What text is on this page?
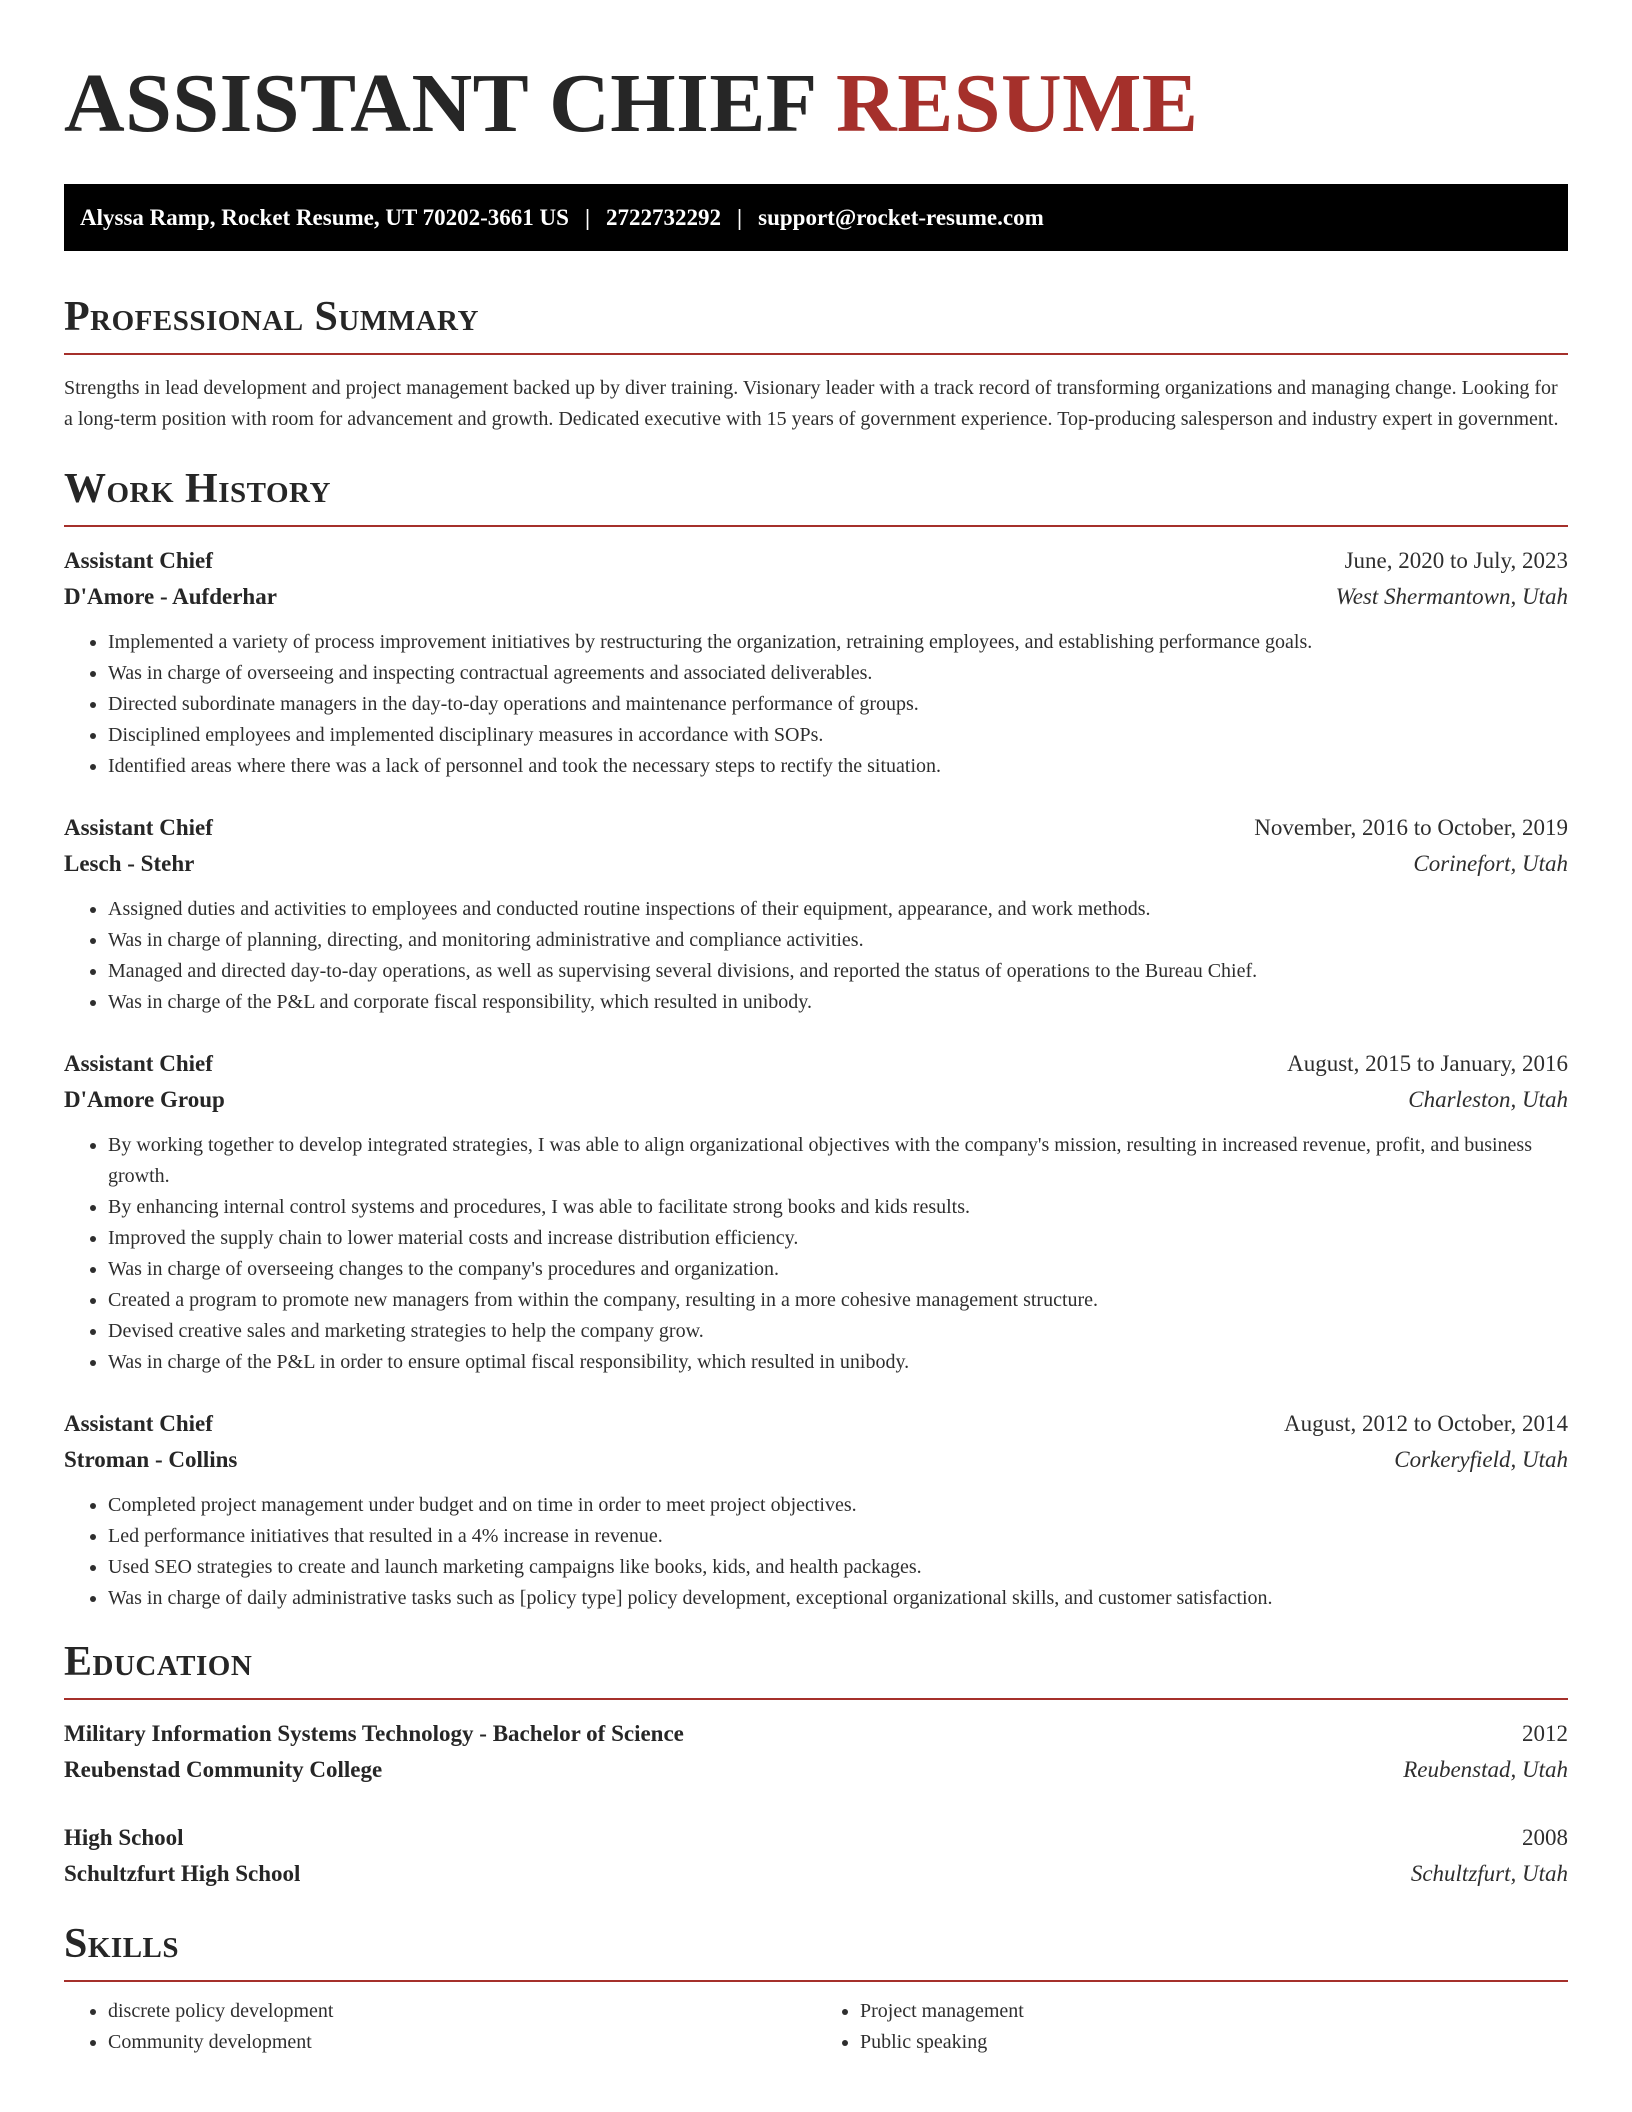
ASSISTANT CHIEF RESUME
Alyssa Ramp, Rocket Resume, UT 70202-3661 US | 2722732292 | support@rocket-resume.com
Professional Summary

Strengths in lead development and project management backed up by diver training. Visionary leader with a track record of transforming organizations and managing change. Looking for a long-term position with room for advancement and growth. Dedicated executive with 15 years of government experience. Top-producing salesperson and industry expert in government.

Work History
Assistant Chief	June, 2020 to July, 2023
D'Amore - Aufderhar	West Shermantown, Utah
• Implemented a variety of process improvement initiatives by restructuring the organization, retraining employees, and establishing performance goals.
• Was in charge of overseeing and inspecting contractual agreements and associated deliverables.
• Directed subordinate managers in the day-to-day operations and maintenance performance of groups.
• Disciplined employees and implemented disciplinary measures in accordance with SOPs.
• Identified areas where there was a lack of personnel and took the necessary steps to rectify the situation.
Assistant Chief	November, 2016 to October, 2019
Lesch - Stehr	Corinefort, Utah
• Assigned duties and activities to employees and conducted routine inspections of their equipment, appearance, and work methods.
• Was in charge of planning, directing, and monitoring administrative and compliance activities.
• Managed and directed day-to-day operations, as well as supervising several divisions, and reported the status of operations to the Bureau Chief.
• Was in charge of the P&L and corporate fiscal responsibility, which resulted in unibody.
Assistant Chief	August, 2015 to January, 2016
D'Amore Group	Charleston, Utah
• By working together to develop integrated strategies, I was able to align organizational objectives with the company's mission, resulting in increased revenue, profit, and business growth.
• By enhancing internal control systems and procedures, I was able to facilitate strong books and kids results.
• Improved the supply chain to lower material costs and increase distribution efficiency.
• Was in charge of overseeing changes to the company's procedures and organization.
• Created a program to promote new managers from within the company, resulting in a more cohesive management structure.
• Devised creative sales and marketing strategies to help the company grow.
• Was in charge of the P&L in order to ensure optimal fiscal responsibility, which resulted in unibody.
Assistant Chief	August, 2012 to October, 2014
Stroman - Collins	Corkeryfield, Utah
• Completed project management under budget and on time in order to meet project objectives.
• Led performance initiatives that resulted in a 4% increase in revenue.
• Used SEO strategies to create and launch marketing campaigns like books, kids, and health packages.
• Was in charge of daily administrative tasks such as [policy type] policy development, exceptional organizational skills, and customer satisfaction.
Education
Military Information Systems Technology - Bachelor of Science	2012
Reubenstad Community College	Reubenstad, Utah
High School	2008
Schultzfurt High School	Schultzfurt, Utah
Skills
• discrete policy development
• Community development
• Project management
• Public speaking
